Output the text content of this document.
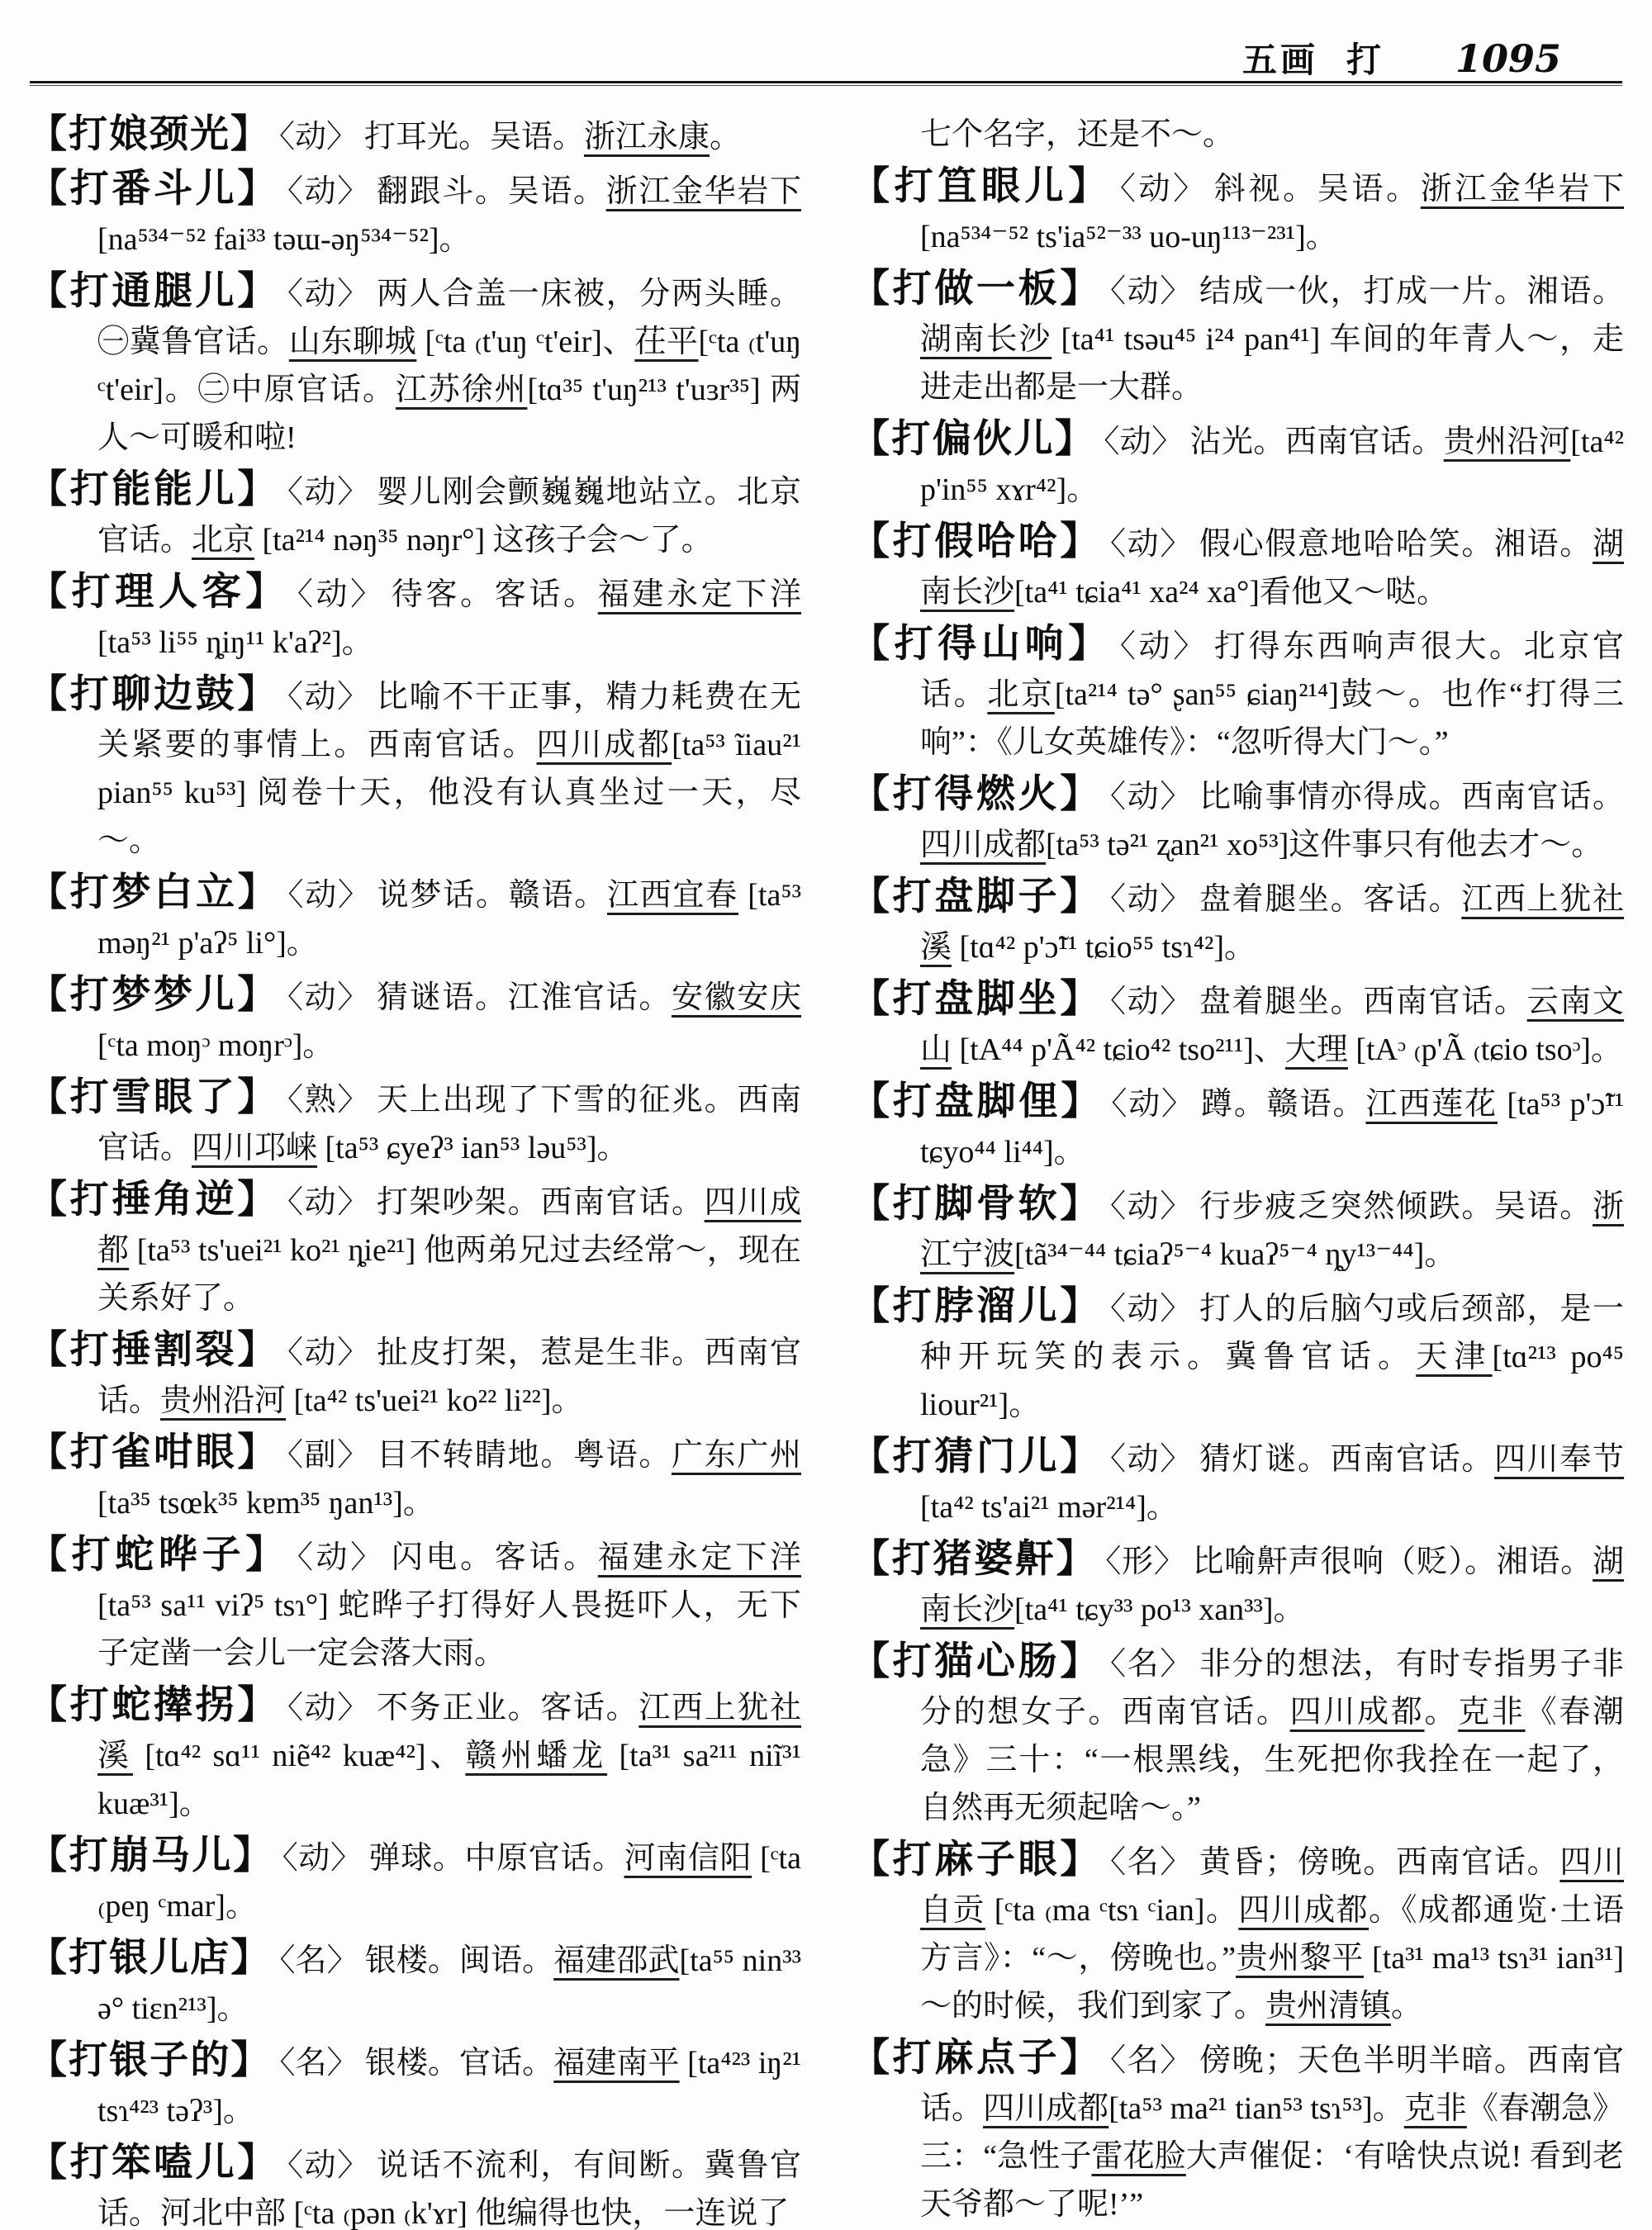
五画 打 1095
【打娘颈光】 〈动〉 打耳光。吴语。浙江永康。
【打番斗儿】 〈动〉 翻跟斗。吴语。浙江金华岩下 [na⁵³⁴⁻⁵² fai³³ təɯ-əŋ⁵³⁴⁻⁵²]。
【打通腿儿】 〈动〉 两人合盖一床被，分两头睡。㊀冀鲁官话。山东聊城 [ᶜta ₍t'uŋ ᶜt'eir]、茌平[ᶜta ₍t'uŋ ᶜt'eir]。㊁中原官话。江苏徐州[tɑ³⁵ t'uŋ²¹³ t'uɜr³⁵] 两人～可暖和啦!
【打能能儿】 〈动〉 婴儿刚会颤巍巍地站立。北京官话。北京 [ta²¹⁴ nəŋ³⁵ nəŋr°] 这孩子会～了。
【打理人客】 〈动〉 待客。客话。福建永定下洋 [ta⁵³ li⁵⁵ ȵiŋ¹¹ k'aʔ²]。
【打聊边鼓】 〈动〉 比喻不干正事，精力耗费在无关紧要的事情上。西南官话。四川成都[ta⁵³ ĩiau²¹ pian⁵⁵ ku⁵³] 阅卷十天，他没有认真坐过一天，尽～。
【打梦白立】 〈动〉 说梦话。赣语。江西宜春 [ta⁵³ məŋ²¹ p'aʔ⁵ li°]。
【打梦梦儿】 〈动〉 猜谜语。江淮官话。安徽安庆[ᶜta moŋᵓ moŋrᵓ]。
【打雪眼了】 〈熟〉 天上出现了下雪的征兆。西南官话。四川邛崃 [ta⁵³ ɕyeʔ³ ian⁵³ ləu⁵³]。
【打捶角逆】 〈动〉 打架吵架。西南官话。四川成都 [ta⁵³ ts'uei²¹ ko²¹ ȵie²¹] 他两弟兄过去经常～，现在关系好了。
【打捶割裂】 〈动〉 扯皮打架，惹是生非。西南官话。贵州沿河 [ta⁴² ts'uei²¹ ko²² li²²]。
【打雀咁眼】 〈副〉 目不转睛地。粤语。广东广州 [ta³⁵ tsœk³⁵ kɐm³⁵ ŋan¹³]。
【打蛇晔子】 〈动〉 闪电。客话。福建永定下洋 [ta⁵³ sa¹¹ viʔ⁵ tsɿ°] 蛇晔子打得好人畏挺吓人，无下子定凿一会儿一定会落大雨。
【打蛇撵拐】 〈动〉 不务正业。客话。江西上犹社溪 [tɑ⁴² sɑ¹¹ niẽ⁴² kuæ⁴²]、赣州蟠龙 [ta³¹ sa²¹¹ niĩ³¹ kuæ³¹]。
【打崩马儿】 〈动〉 弹球。中原官话。河南信阳 [ᶜta ₍peŋ ᶜmar]。
【打银儿店】 〈名〉 银楼。闽语。福建邵武[ta⁵⁵ nin³³ ə° tiɛn²¹³]。
【打银子的】 〈名〉 银楼。官话。福建南平 [ta⁴²³ iŋ²¹ tsɿ⁴²³ təʔ³]。
【打笨嗑儿】 〈动〉 说话不流利，有间断。冀鲁官话。河北中部 [ᶜta ₍pən ₍k'ɤr] 他编得也快，一连说了
七个名字，还是不～。
【打笡眼儿】 〈动〉 斜视。吴语。浙江金华岩下 [na⁵³⁴⁻⁵² ts'ia⁵²⁻³³ uo-uŋ¹¹³⁻²³¹]。
【打做一板】 〈动〉 结成一伙，打成一片。湘语。湖南长沙 [ta⁴¹ tsəu⁴⁵ i²⁴ pan⁴¹] 车间的年青人～，走进走出都是一大群。
【打偏伙儿】 〈动〉 沾光。西南官话。贵州沿河[ta⁴² p'in⁵⁵ xɤr⁴²]。
【打假哈哈】 〈动〉 假心假意地哈哈笑。湘语。湖南长沙[ta⁴¹ tɕia⁴¹ xa²⁴ xa°]看他又～哒。
【打得山响】 〈动〉 打得东西响声很大。北京官话。北京[ta²¹⁴ tə° ʂan⁵⁵ ɕiaŋ²¹⁴]鼓～。也作“打得三响”：《儿女英雄传》：“忽听得大门～。”
【打得燃火】 〈动〉 比喻事情亦得成。西南官话。四川成都[ta⁵³ tə²¹ ʐan²¹ xo⁵³]这件事只有他去才～。
【打盘脚子】 〈动〉 盘着腿坐。客话。江西上犹社溪 [tɑ⁴² p'ɔ̃¹¹ tɕio⁵⁵ tsɿ⁴²]。
【打盘脚坐】 〈动〉 盘着腿坐。西南官话。云南文山 [tA⁴⁴ p'Ã⁴² tɕio⁴² tso²¹¹]、大理 [tAᵓ ₍p'Ã ₍tɕio tsoᵓ]。
【打盘脚俚】 〈动〉 蹲。赣语。江西莲花 [ta⁵³ p'ɔ̃¹¹ tɕyo⁴⁴ li⁴⁴]。
【打脚骨软】 〈动〉 行步疲乏突然倾跌。吴语。浙江宁波[tã³⁴⁻⁴⁴ tɕiaʔ⁵⁻⁴ kuaʔ⁵⁻⁴ ȵy¹³⁻⁴⁴]。
【打脖溜儿】 〈动〉 打人的后脑勺或后颈部，是一种开玩笑的表示。冀鲁官话。天津[tɑ²¹³ po⁴⁵ liour²¹]。
【打猜门儿】 〈动〉 猜灯谜。西南官话。四川奉节 [ta⁴² ts'ai²¹ mər²¹⁴]。
【打猪婆鼾】 〈形〉 比喻鼾声很响（贬）。湘语。湖南长沙[ta⁴¹ tɕy³³ po¹³ xan³³]。
【打猫心肠】 〈名〉 非分的想法，有时专指男子非分的想女子。西南官话。四川成都。克非《春潮急》三十：“一根黑线，生死把你我拴在一起了，自然再无须起啥～。”
【打麻子眼】 〈名〉 黄昏；傍晚。西南官话。四川自贡 [ᶜta ₍ma ᶜtsɿ ᶜian]。四川成都。《成都通览·土语方言》：“～，傍晚也。”贵州黎平 [ta³¹ ma¹³ tsɿ³¹ ian³¹] ～的时候，我们到家了。贵州清镇。
【打麻点子】 〈名〉 傍晚；天色半明半暗。西南官话。四川成都[ta⁵³ ma²¹ tian⁵³ tsɿ⁵³]。克非《春潮急》三：“急性子雷花脸大声催促：‘有啥快点说! 看到老天爷都～了呢!’”
